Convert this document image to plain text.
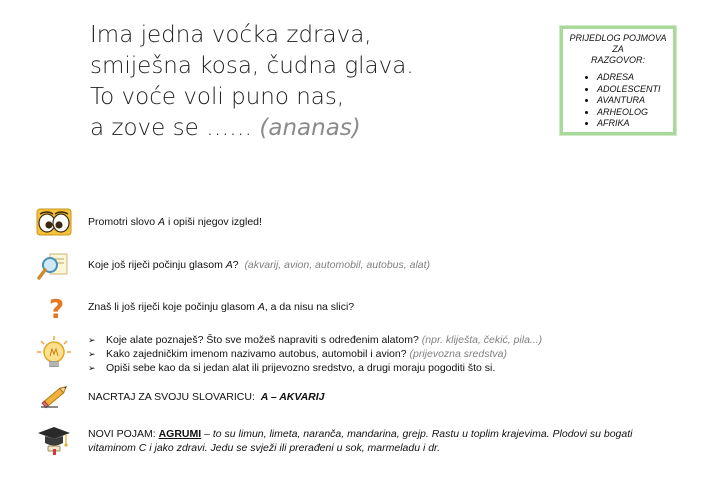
Ima jedna voćka zdrava,
smiješna kosa, čudna glava.
To voće voli puno nas,
a zove se …… (ananas)
PRIJEDLOG POJMOVA ZA
RAZGOVOR:
• ADRESA
• ADOLESCENTI
• AVANTURA
• ARHEOLOG
• AFRIKA
Promotri slovo A i opiši njegov izgled!
Koje još riječi počinju glasom A? (akvarij, avion, automobil, autobus, alat)
? Znaš li još riječi koje počinju glasom A, a da nisu na slici?
➢ Koje alate poznaješ? Što sve možeš napraviti s određenim alatom? (npr. kliješta, čekić, pila...)
➢ Kako zajedničkim imenom nazivamo autobus, automobil i avion? (prijevozna sredstva)
➢ Opiši sebe kao da si jedan alat ili prijevozno sredstvo, a drugi moraju pogoditi što si.
NACRTAJ ZA SVOJU SLOVARICU: A – AKVARIJ
NOVI POJAM: AGRUMI – to su limun, limeta, naranča, mandarina, grejp. Rastu u toplim krajevima. Plodovi su bogati vitaminom C i jako zdravi. Jedu se svježi ili prerađeni u sok, marmeladu i dr.
